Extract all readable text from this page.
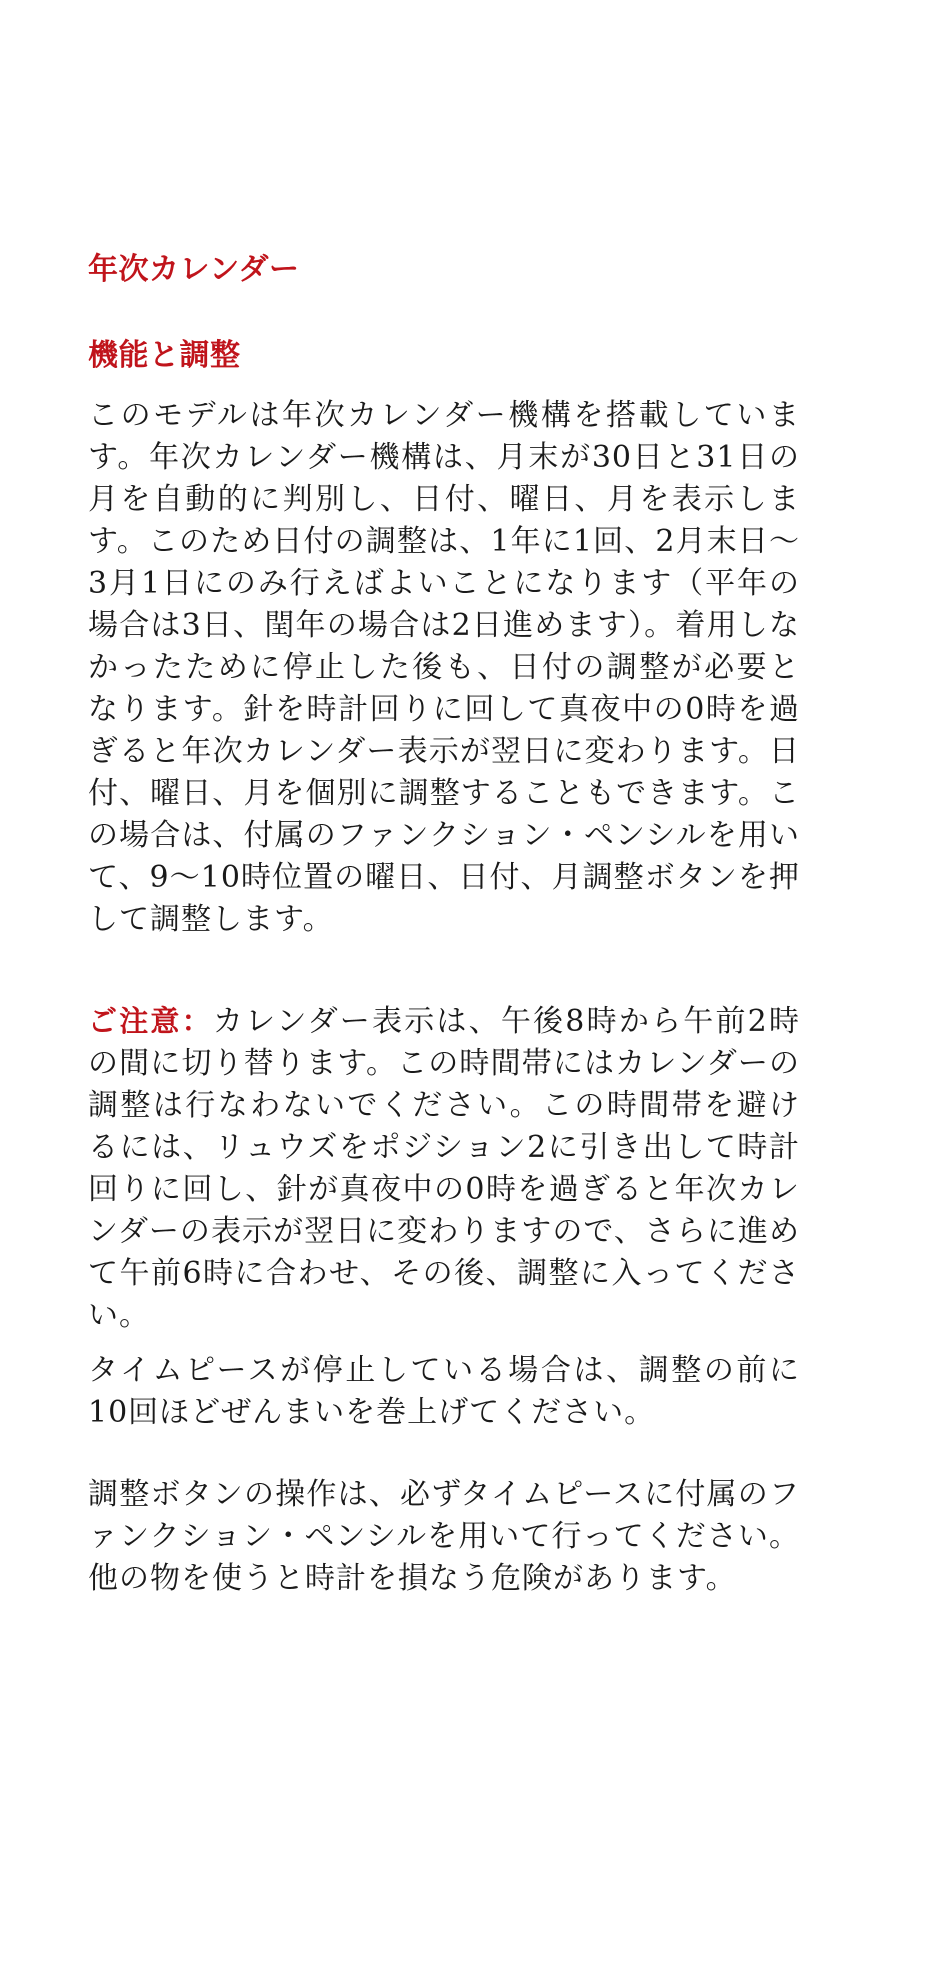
年次カレンダー
機能と調整

このモデルは年次カレンダー機構を搭載しています。年次カレンダー機構は、月末が30日と31日の月を自動的に判別し、日付、曜日、月を表示します。このため日付の調整は、1年に1回、2月末日〜3月1日にのみ行えばよいことになります（平年の場合は3日、閏年の場合は2日進めます）。着用しなかったために停止した後も、日付の調整が必要となります。針を時計回りに回して真夜中の0時を過ぎると年次カレンダー表示が翌日に変わります。日付、曜日、月を個別に調整することもできます。この場合は、付属のファンクション・ペンシルを用いて、9〜10時位置の曜日、日付、月調整ボタンを押して調整します。

ご注意：カレンダー表示は、午後8時から午前2時の間に切り替ります。この時間帯にはカレンダーの調整は行なわないでください。この時間帯を避けるには、リュウズをポジション2に引き出して時計回りに回し、針が真夜中の0時を過ぎると年次カレンダーの表示が翌日に変わりますので、さらに進めて午前6時に合わせ、その後、調整に入ってください。

タイムピースが停止している場合は、調整の前に10回ほどぜんまいを巻上げてください。

調整ボタンの操作は、必ずタイムピースに付属のファンクション・ペンシルを用いて行ってください。他の物を使うと時計を損なう危険があります。
